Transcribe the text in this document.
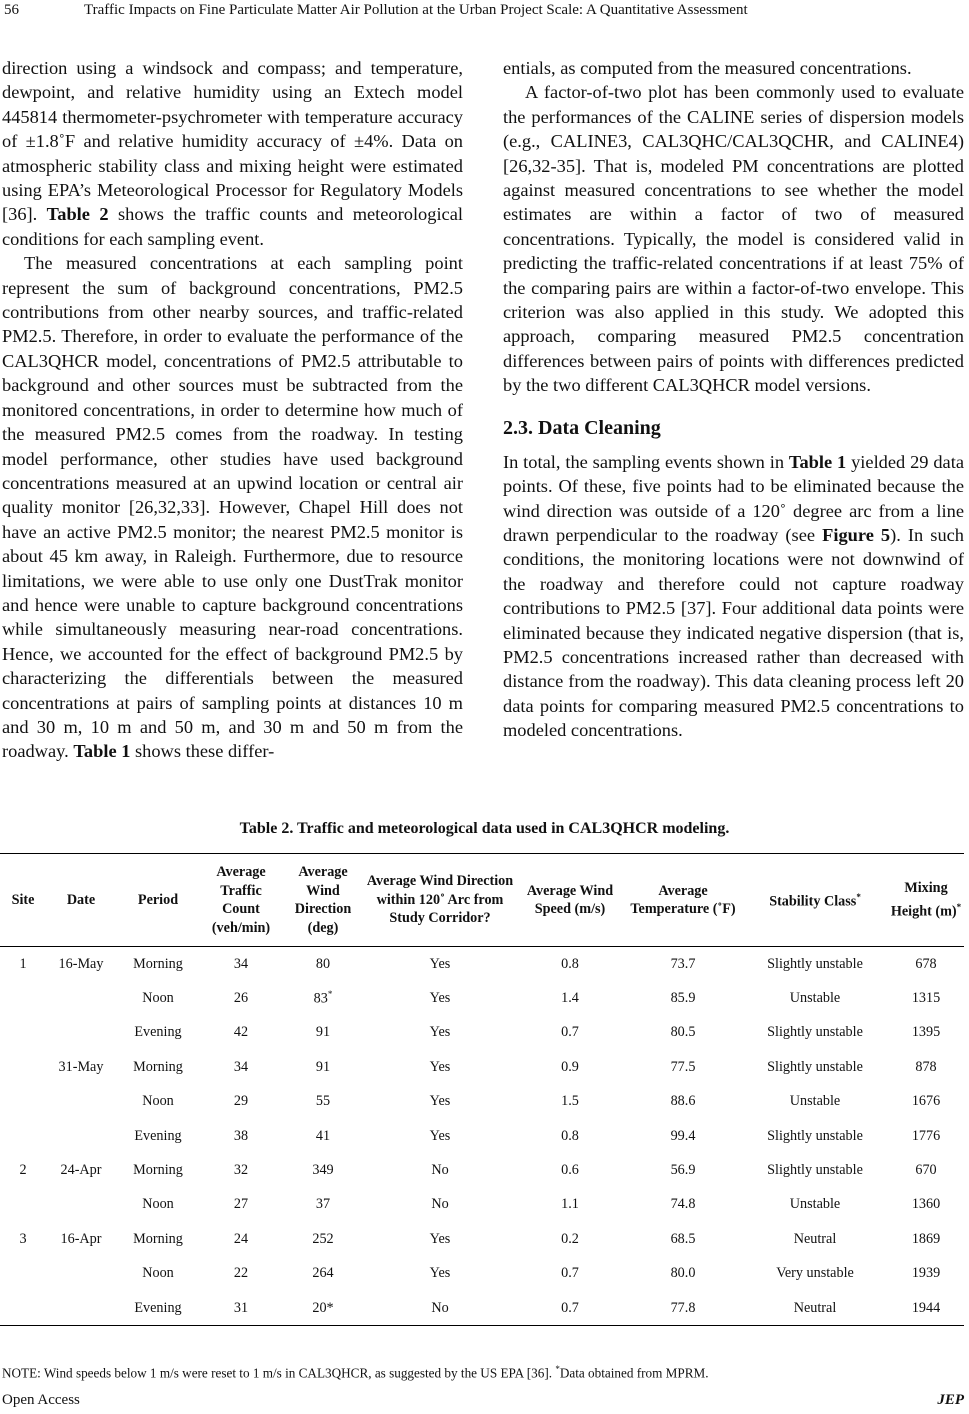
56	Traffic Impacts on Fine Particulate Matter Air Pollution at the Urban Project Scale: A Quantitative Assessment

direction using a windsock and compass; and temperature, dewpoint, and relative humidity using an Extech model 445814 thermometer-psychrometer with temperature accuracy of ±1.8˚F and relative humidity accuracy of ±4%. Data on atmospheric stability class and mixing height were estimated using EPA’s Meteorological Processor for Regulatory Models [36]. Table 2 shows the traffic counts and meteorological conditions for each sampling event.

The measured concentrations at each sampling point represent the sum of background concentrations, PM2.5 contributions from other nearby sources, and traffic-related PM2.5. Therefore, in order to evaluate the performance of the CAL3QHCR model, concentrations of PM2.5 attributable to background and other sources must be subtracted from the monitored concentrations, in order to determine how much of the measured PM2.5 comes from the roadway. In testing model performance, other studies have used background concentrations measured at an upwind location or central air quality monitor [26,32,33]. However, Chapel Hill does not have an active PM2.5 monitor; the nearest PM2.5 monitor is about 45 km away, in Raleigh. Furthermore, due to resource limitations, we were able to use only one DustTrak monitor and hence were unable to capture background concentrations while simultaneously measuring near-road concentrations. Hence, we accounted for the effect of background PM2.5 by characterizing the differentials between the measured concentrations at pairs of sampling points at distances 10 m and 30 m, 10 m and 50 m, and 30 m and 50 m from the roadway. Table 1 shows these differ-

entials, as computed from the measured concentrations.

A factor-of-two plot has been commonly used to evaluate the performances of the CALINE series of dispersion models (e.g., CALINE3, CAL3QHC/CAL3QCHR, and CALINE4) [26,32-35]. That is, modeled PM concentrations are plotted against measured concentrations to see whether the model estimates are within a factor of two of measured concentrations. Typically, the model is considered valid in predicting the traffic-related concentrations if at least 75% of the comparing pairs are within a factor-of-two envelope. This criterion was also applied in this study. We adopted this approach, comparing measured PM2.5 concentration differences between pairs of points with differences predicted by the two different CAL3QHCR model versions.

2.3. Data Cleaning

In total, the sampling events shown in Table 1 yielded 29 data points. Of these, five points had to be eliminated because the wind direction was outside of a 120˚ degree arc from a line drawn perpendicular to the roadway (see Figure 5). In such conditions, the monitoring locations were not downwind of the roadway and therefore could not capture roadway contributions to PM2.5 [37]. Four additional data points were eliminated because they indicated negative dispersion (that is, PM2.5 concentrations increased rather than decreased with distance from the roadway). This data cleaning process left 20 data points for comparing measured PM2.5 concentrations to modeled concentrations.

Table 2. Traffic and meteorological data used in CAL3QHCR modeling.
Site	Date	Period	Average Traffic Count (veh/min)	Average Wind Direction (deg)	Average Wind Direction within 120˚ Arc from Study Corridor?	Average Wind Speed (m/s)	Average Temperature (˚F)	Stability Class*	Mixing Height (m)*
1	16-May	Morning	34	80	Yes	0.8	73.7	Slightly unstable	678
		Noon	26	83*	Yes	1.4	85.9	Unstable	1315
		Evening	42	91	Yes	0.7	80.5	Slightly unstable	1395
	31-May	Morning	34	91	Yes	0.9	77.5	Slightly unstable	878
		Noon	29	55	Yes	1.5	88.6	Unstable	1676
		Evening	38	41	Yes	0.8	99.4	Slightly unstable	1776
2	24-Apr	Morning	32	349	No	0.6	56.9	Slightly unstable	670
		Noon	27	37	No	1.1	74.8	Unstable	1360
3	16-Apr	Morning	24	252	Yes	0.2	68.5	Neutral	1869
		Noon	22	264	Yes	0.7	80.0	Very unstable	1939
		Evening	31	20*	No	0.7	77.8	Neutral	1944
NOTE: Wind speeds below 1 m/s were reset to 1 m/s in CAL3QHCR, as suggested by the US EPA [36]. *Data obtained from MPRM.
Open Access	JEP
